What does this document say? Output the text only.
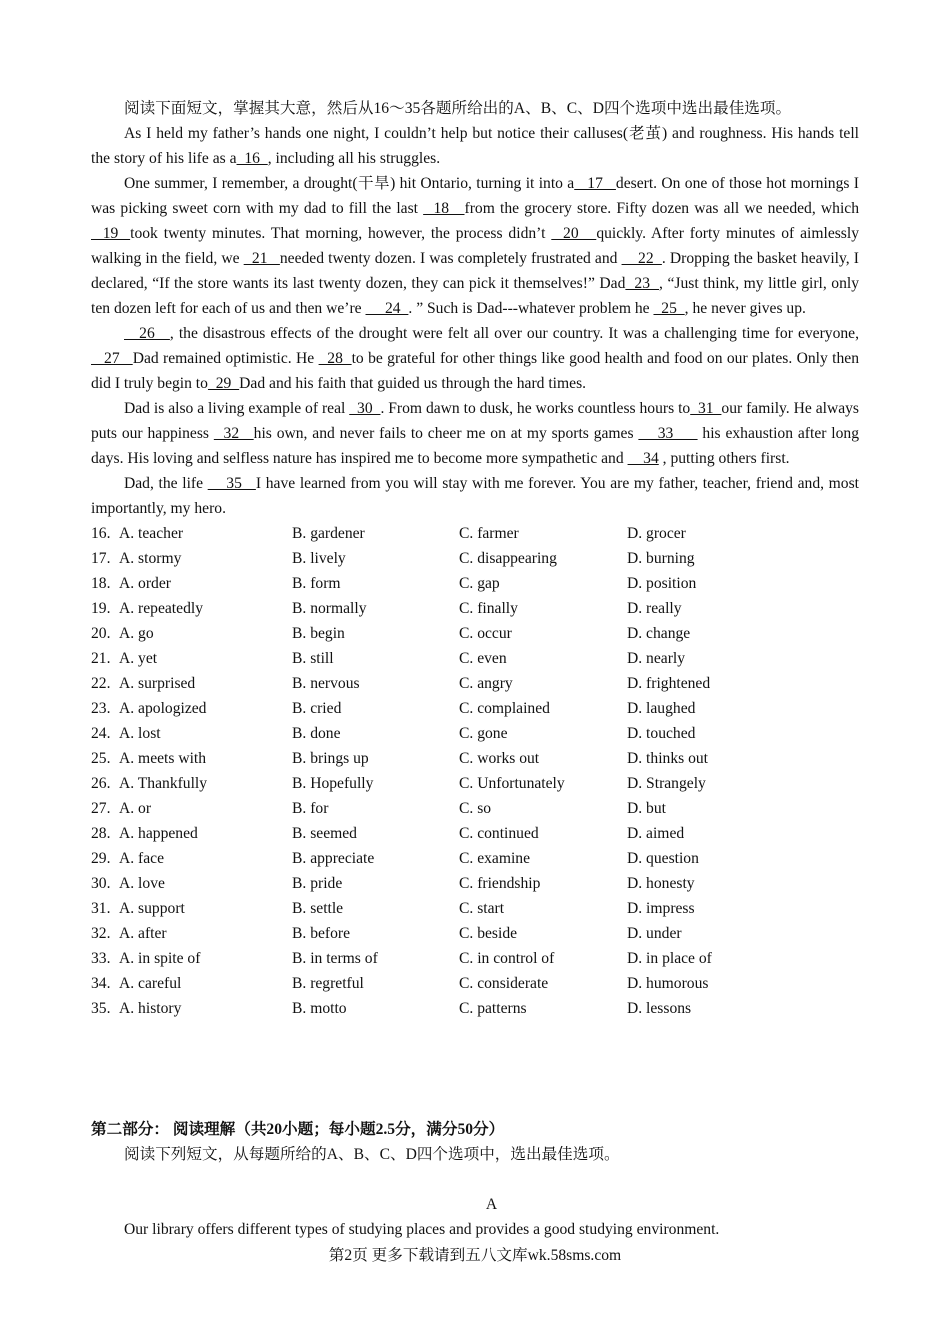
阅读下面短文，掌握其大意，然后从16～35各题所给出的A、B、C、D四个选项中选出最佳选项。

As I held my father’s hands one night, I couldn’t help but notice their calluses(老茧) and roughness. His hands tell the story of his life as a  16  , including all his struggles.

One summer, I remember, a drought(干旱) hit Ontario, turning it into a   17   desert. On one of those hot mornings I was picking sweet corn with my dad to fill the last   18   from the grocery store. Fifty dozen was all we needed, which   19  took twenty minutes. That morning, however, the process didn’t   20   quickly. After forty minutes of aimlessly walking in the field, we   21   needed twenty dozen. I was completely frustrated and     22  . Dropping the basket heavily, I declared, “If the store wants its last twenty dozen, they can pick it themselves!” Dad  23  , “Just think, my little girl, only ten dozen left for each of us and then we’re      24  . ” Such is Dad---whatever problem he   25  , he never gives up.

26   , the disastrous effects of the drought were felt all over our country. It was a challenging time for everyone,   27   Dad remained optimistic. He   28  to be grateful for other things like good health and food on our plates. Only then did I truly begin to  29  Dad and his faith that guided us through the hard times.

Dad is also a living example of real   30  . From dawn to dusk, he works countless hours to  31  our family. He always puts our happiness   32   his own, and never fails to cheer me on at my sports games     33      his exhaustion after long days. His loving and selfless nature has inspired me to become more sympathetic and     34 , putting others first.

Dad, the life     35   I have learned from you will stay with me forever. You are my father, teacher, friend and, most importantly, my hero.

16. A. teacher	B. gardener	C. farmer	D. grocer
17. A. stormy	B. lively	C. disappearing	D. burning
18. A. order	B. form	C. gap	D. position
19. A. repeatedly	B. normally	C. finally	D. really
20. A. go	B. begin	C. occur	D. change
21. A. yet	B. still	C. even	D. nearly
22. A. surprised	B. nervous	C. angry	D. frightened
23. A. apologized	B. cried	C. complained	D. laughed
24. A. lost	B. done	C. gone	D. touched
25. A. meets with	B. brings up	C. works out	D. thinks out
26. A. Thankfully	B. Hopefully	C. Unfortunately	D. Strangely
27. A. or	B. for	C. so	D. but
28. A. happened	B. seemed	C. continued	D. aimed
29. A. face	B. appreciate	C. examine	D. question
30. A. love	B. pride	C. friendship	D. honesty
31. A. support	B. settle	C. start	D. impress
32. A. after	B. before	C. beside	D. under
33. A. in spite of	B. in terms of	C. in control of	D. in place of
34. A. careful	B. regretful	C. considerate	D. humorous
35. A. history	B. motto	C. patterns	D. lessons
第二部分： 阅读理解（共20小题；每小题2.5分，满分50分）
阅读下列短文，从每题所给的A、B、C、D四个选项中，选出最佳选项。
A
Our library offers different types of studying places and provides a good studying environment.
第2页 更多下载请到五八文库wk.58sms.com
